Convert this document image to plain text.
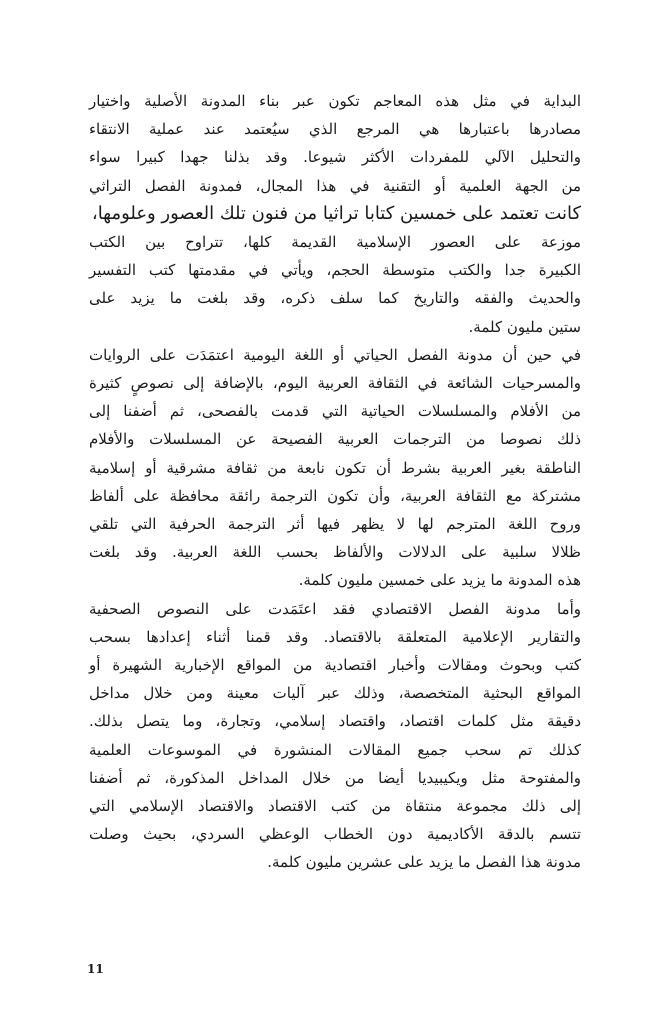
البداية في مثل هذه المعاجم تكون عبر بناء المدونة الأصلية واختيار
مصادرها باعتبارها هي المرجع الذي سيُعتمد عند عملية الانتقاء
والتحليل الآلي للمفردات الأكثر شيوعا. وقد بذلنا جهدا كبيرا سواء
من الجهة العلمية أو التقنية في هذا المجال، فمدونة الفصل التراثي
كانت تعتمد على خمسين كتابا تراثيا من فنون تلك العصور وعلومها،
موزعة على العصور الإسلامية القديمة كلها، تتراوح بين الكتب
الكبيرة جدا والكتب متوسطة الحجم، ويأتي في مقدمتها كتب التفسير
والحديث والفقه والتاريخ كما سلف ذكره، وقد بلغت ما يزيد على
ستين مليون كلمة.

في حين أن مدونة الفصل الحياتي أو اللغة اليومية اعتمَدَت على الروايات
والمسرحيات الشائعة في الثقافة العربية اليوم، بالإضافة إلى نصوصٍ كثيرة
من الأفلام والمسلسلات الحياتية التي قدمت بالفصحى، ثم أضفنا إلى
ذلك نصوصا من الترجمات العربية الفصيحة عن المسلسلات والأفلام
الناطقة بغير العربية بشرط أن تكون نابعة من ثقافة مشرقية أو إسلامية
مشتركة مع الثقافة العربية، وأن تكون الترجمة رائقة محافظة على ألفاظ
وروح اللغة المترجم لها لا يظهر فيها أثر الترجمة الحرفية التي تلقي
ظلالا سلبية على الدلالات والألفاظ بحسب اللغة العربية. وقد بلغت
هذه المدونة ما يزيد على خمسين مليون كلمة.

وأما مدونة الفصل الاقتصادي فقد اعتَمَدت على النصوص الصحفية
والتقارير الإعلامية المتعلقة بالاقتصاد. وقد قمنا أثناء إعدادها بسحب
كتب وبحوث ومقالات وأخبار اقتصادية من المواقع الإخبارية الشهيرة أو
المواقع البحثية المتخصصة، وذلك عبر آليات معينة ومن خلال مداخل
دقيقة مثل كلمات اقتصاد، واقتصاد إسلامي، وتجارة، وما يتصل بذلك.
كذلك تم سحب جميع المقالات المنشورة في الموسوعات العلمية
والمفتوحة مثل ويكيبيديا أيضا من خلال المداخل المذكورة، ثم أضفنا
إلى ذلك مجموعة منتقاة من كتب الاقتصاد والاقتصاد الإسلامي التي
تتسم بالدقة الأكاديمية دون الخطاب الوعظي السردي، بحيث وصلت
مدونة هذا الفصل ما يزيد على عشرين مليون كلمة.

11
